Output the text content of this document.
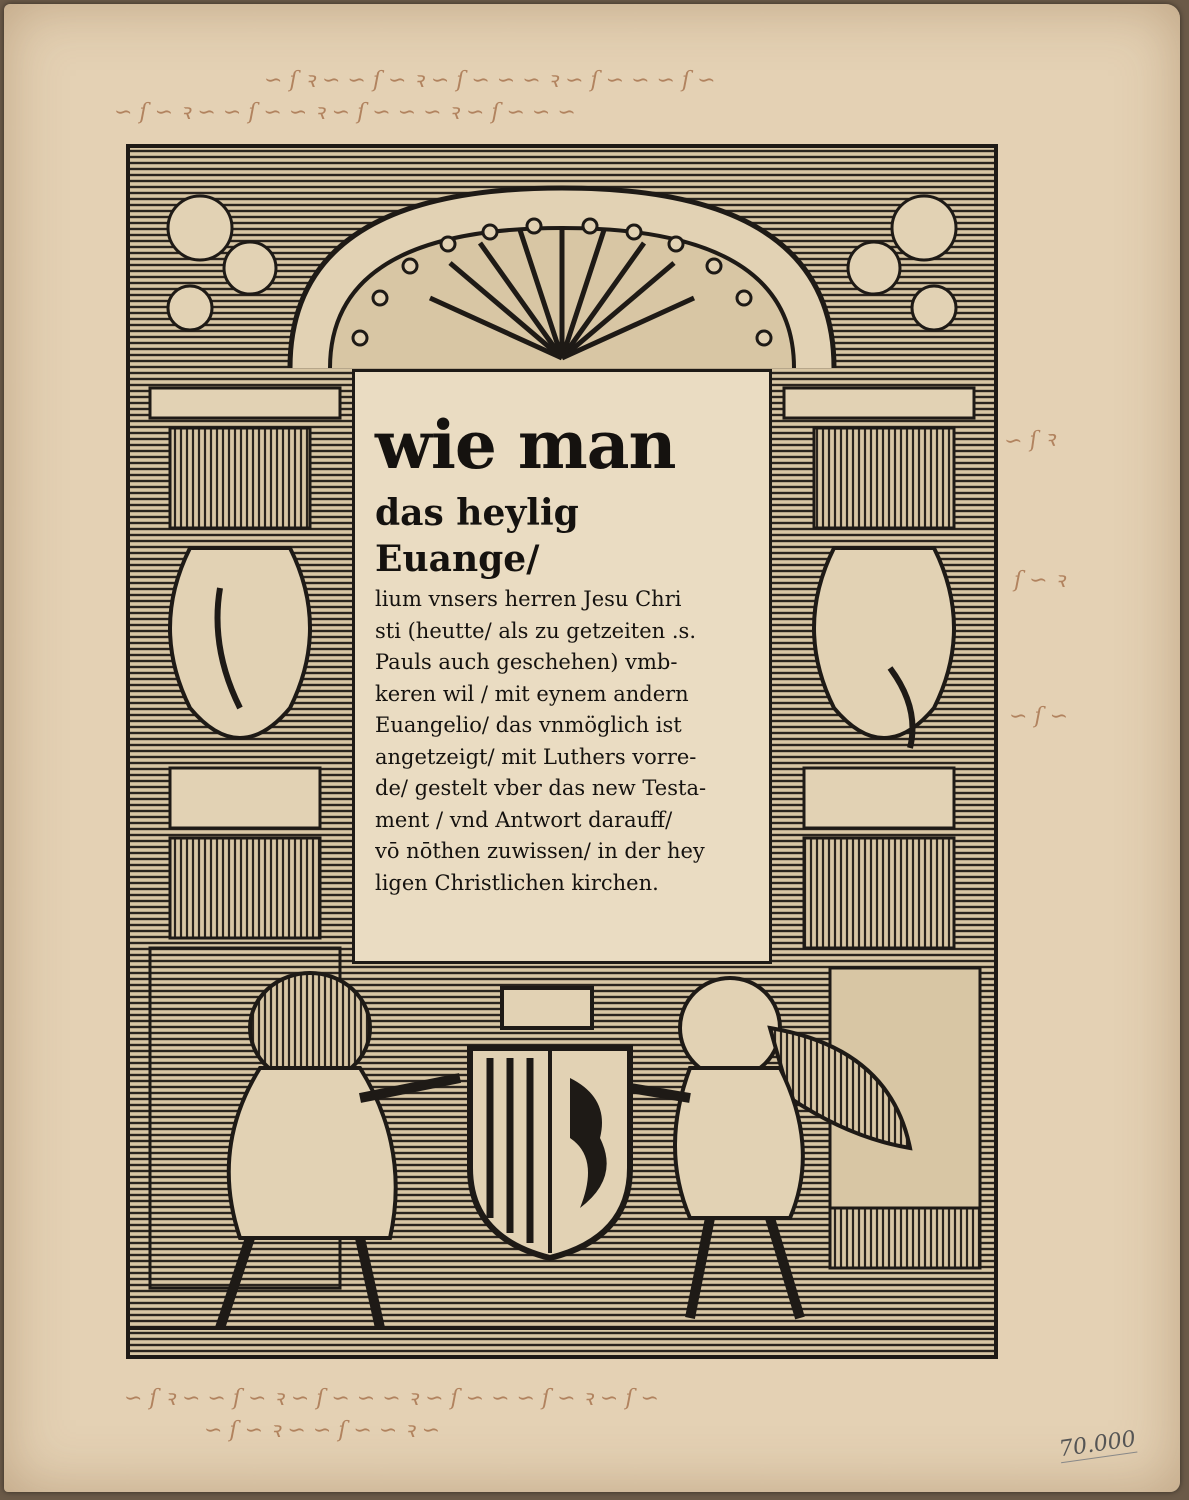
∽ ſ ꝛ ∽ ∽ ſ ∽ ꝛ ∽ ſ ∽ ∽ ∽ ꝛ ∽ ſ ∽ ∽ ∽ ſ ∽
∽ ſ ∽ ꝛ ∽ ∽ ſ ∽ ∽ ꝛ ∽ ſ ∽ ∽ ∽ ꝛ ∽ ſ ∽ ∽ ∽
∽ ſ ꝛ ∽ ∽ ſ ∽ ꝛ ∽ ſ ∽ ∽ ∽ ꝛ ∽ ſ ∽ ∽ ∽ ſ ∽ ꝛ ∽ ſ ∽
∽ ſ ∽ ꝛ ∽ ∽ ſ ∽ ∽ ꝛ ∽
∽ ſ ꝛ
ſ ∽ ꝛ
∽ ſ ∽
wie man
das heylig Euange/
lium vnsers herren Jesu Chri
sti (heutte/ als zu getzeiten .s.
Pauls auch geschehen) vmb-
keren wil / mit eynem andern
Euangelio/ das vnmöglich ist
angetzeigt/ mit Luthers vorre-
de/ gestelt vber das new Testa-
ment / vnd Antwort darauff/
vō nōthen zuwissen/ in der hey
ligen Christlichen kirchen.
70.000
